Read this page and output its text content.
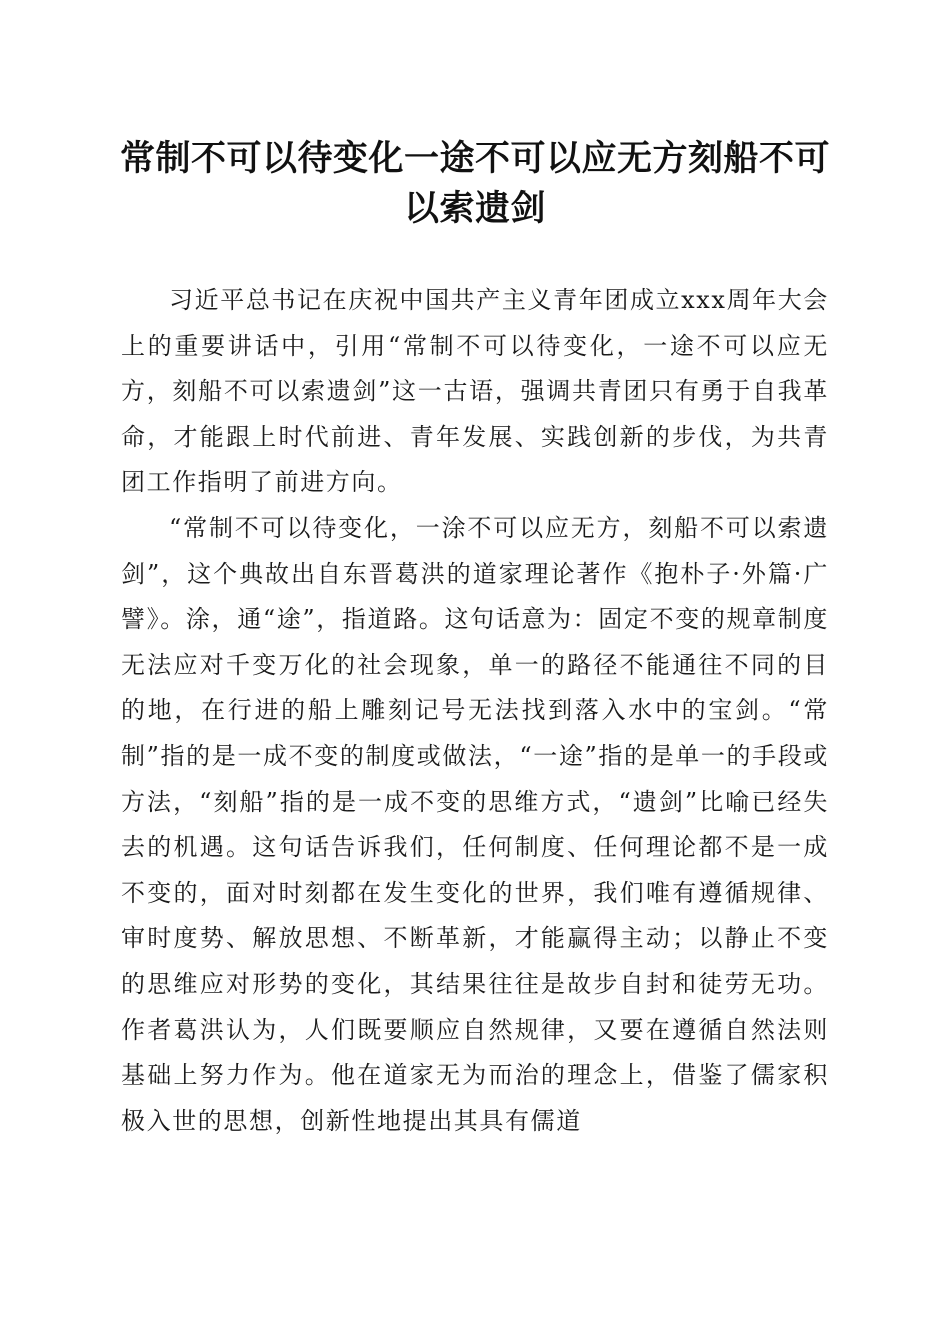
常制不可以待变化一途不可以应无方刻船不可以索遗剑

习近平总书记在庆祝中国共产主义青年团成立xxx周年大会上的重要讲话中，引用“常制不可以待变化，一途不可以应无方，刻船不可以索遗剑”这一古语，强调共青团只有勇于自我革命，才能跟上时代前进、青年发展、实践创新的步伐，为共青团工作指明了前进方向。

“常制不可以待变化，一涂不可以应无方，刻船不可以索遗剑”，这个典故出自东晋葛洪的道家理论著作《抱朴子·外篇·广譬》。涂，通“途”，指道路。这句话意为：固定不变的规章制度无法应对千变万化的社会现象，单一的路径不能通往不同的目的地，在行进的船上雕刻记号无法找到落入水中的宝剑。“常制”指的是一成不变的制度或做法，“一途”指的是单一的手段或方法，“刻船”指的是一成不变的思维方式，“遗剑”比喻已经失去的机遇。这句话告诉我们，任何制度、任何理论都不是一成不变的，面对时刻都在发生变化的世界，我们唯有遵循规律、审时度势、解放思想、不断革新，才能赢得主动；以静止不变的思维应对形势的变化，其结果往往是故步自封和徒劳无功。作者葛洪认为，人们既要顺应自然规律，又要在遵循自然法则基础上努力作为。他在道家无为而治的理念上，借鉴了儒家积极入世的思想，创新性地提出其具有儒道
